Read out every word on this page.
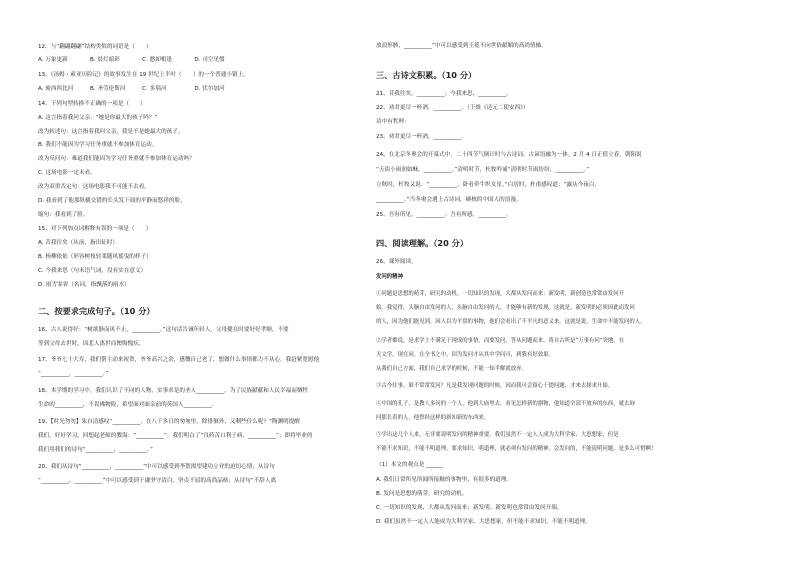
12、与“翻翩翻翩”结构类似的词语是（　　）
A. 万象更新　　　　B. 晨灯暗彩　　　　C. 憨却相逢　　　　D. 司空见惯
13、《汤姆・索亚历险记》的故事发生在 19 世纪上半叶（　　）的一个普通小镇上。
A. 密西西比河　　　B. 圣劳伦斯河　　　C. 多瑙河　　　　　D. 伏尔加河
14、下列句型转换不正确的一项是（　　）
A. 这言指着我问父亲：“她是你最大的孩子吗？”
改为转述句：这言指着我问父亲，我是不是她最大的孩子。
B. 我们不能因为学习任务重就不参加体育运动。
改为反问句：难道我们能因为学习任务重就不参加体育运动吗？
C. 这场电影一定未看。
改为双重否定句：这场电影我不可能不去看。
D. 我看到了他那纵横交错的长头发下面的平静而悠祥的脸。
缩句：我看到了脸。
15、对下列加点词解释有误的一项是（　　）
A. 昔我往矣（从前，指出征时）
B. 杨柳依依（形容树枝轻柔随风摇曳的样子）
C. 今我来思（句末语气词，没有实在意义）
D. 雨雪霏霏（名词，指飘落的雨水）
二、按要求完成句子。（10 分）
16、古人说得好：“树欲静而风不止，__________。”这句话告诫年轻人，父母健在时要好好孝顺，不要
等到父母去世时，因悲人离世而懊悔愧疚。
17、爷爷七十大寿，我们帮主动来祝贺，爷爷高兴之余，感慨自己老了，想做什么事情都力不从心。我赶紧宽慰他
“__________，__________。”
18、本学期的学习中，我们认识了不同的人物，实事求是的圣人__________，为了民族献献和人民幸福而牺牲
生命的__________，不畏佛物险，希望面对面亲前的英国人__________。
19、【时光勿勿】朱自清感叹“__________，在八千多日的匆匆里，除徘徊外，又剩些什么呢？”陶渊明提醒
我们，好好学习，回想起老师的教诲：“__________”。我们明白了“良药苦口利于病，__________”；即将毕业的
我们用我们的诗句“__________，__________。”
20、我们从诗句“__________，__________”中可以感受到李贺渴望建功立业的迫切心情；从诗句
“__________，__________”中可以感受到于谦坚守清白，坚贞不屈的高尚品格；从诗句“不辞人离
放浪形骸，__________”中可以感受到王冕不向世俗献媚的高尚情操。
三、古诗文积累。（10 分）
21、昔我往矣，__________；今我来思，__________。
22、劝君更尽一杯酒，__________。（王维《送元二使安西》）
诗中有哲理：
23、劝君更尽一杯酒，__________。
24、在北京冬奥会的开幕式中，二十四节气倒计时与古诗词、古谚语融为一体。2 月 4 日正值立春，朝阳说
“天街小雨润如酥，__________。”清明时节，杜牧吟诵“清明时节雨纷纷，__________。”
立秋时，杜牧又说：“__________，卧看牵牛织女星。”白居时，杜甫感叹道：“露从今夜白，
__________。”当冬奥会遇上古诗词，硬核的中国人的浪漫。
25、吾有所见，__________；吾有所感，__________。
四、阅读理解。（20 分）
26、课外阅读。
发问的精神
①问题是思想的萌芽，研究的动机。一切知识的发现，大都从发问而来：新发明，新创造也常常由发问开
始。我觉得，头脑自由发问的人，头脑自由发问的人，才能够有新的发现。这就是，新发明的必须因此而发问
的人，因为他们能见到，因人以为平常的事物，他们会看出了不平凡的意义来。这就是说，生命中不能发问的人。
②学者都说，是求学上不满足于现成的事情，而要发问，答从问题而来，将自古所是“万事有问”突地，在
天文学，现在同。在全书之中，因为发问才从其中学问可，到我有好效果。
从我们自己方面，我们自己求学的时候，不能一知半解就放弃。
③古今往事，谁不常常发问？凡是我发现问题的时候，因而我可会留心于提问题，才来去探求开始。
④中国的孔子，是教人多问的一个人。他到大庙里去，看见怎样新的器物，他知道全部不放弃的东西，就去询
问那长着的人，他曾经这样的新知新的东西来。
⑤学出这几个人来，无非要说明发问的精神重要。我们虽然不一定人人成为大科学家、大思想家，但是
不能不求知识，不能不明道理。要求知识，明道理，就必须有发问的精神。会发问的，不能说明问题，是多么可惜啊！
（1）本文的观点是 ______
A. 我们日常所见所闻所接触的事物里，有很多的道理。
B. 发问是思想的萌芽，研究的动机。
C. 一切知识的发现，大都从发问而来；新发明、新发明也常常由发问开端。
D. 我们虽然不一定人人能成为大科学家、大思想家，但不能不求知识，不能不明道理。
